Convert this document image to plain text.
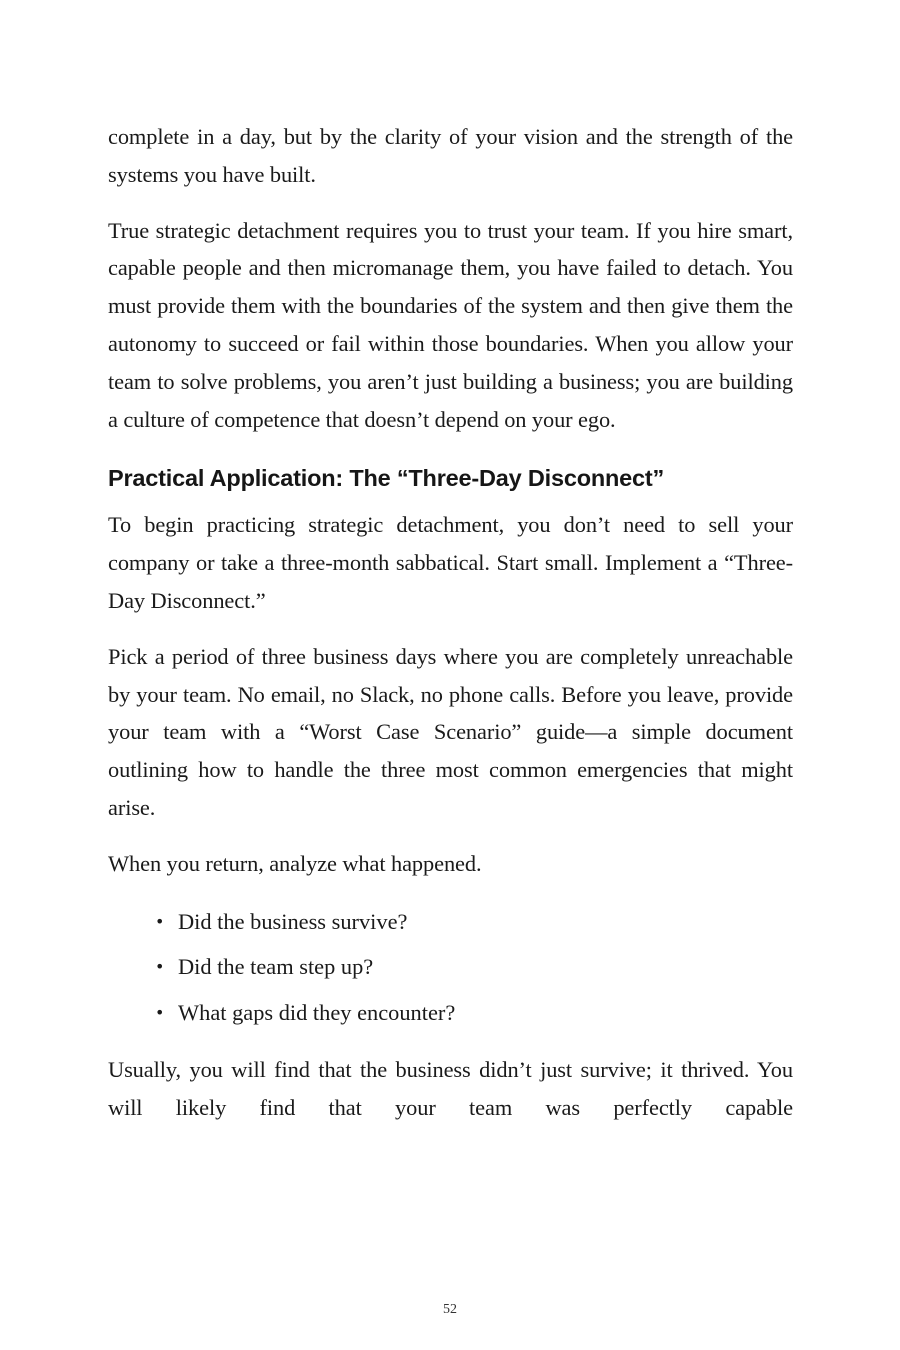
complete in a day, but by the clarity of your vision and the strength of the systems you have built.

True strategic detachment requires you to trust your team. If you hire smart, capable people and then micromanage them, you have failed to detach. You must provide them with the boundaries of the system and then give them the autonomy to succeed or fail within those boundaries. When you allow your team to solve problems, you aren’t just building a business; you are building a culture of competence that doesn’t depend on your ego.

Practical Application: The “Three-Day Disconnect”

To begin practicing strategic detachment, you don’t need to sell your company or take a three-month sabbatical. Start small. Implement a “Three-Day Disconnect.”

Pick a period of three business days where you are completely unreachable by your team. No email, no Slack, no phone calls. Before you leave, provide your team with a “Worst Case Scenario” guide—a simple document outlining how to handle the three most common emergencies that might arise.

When you return, analyze what happened.

• Did the business survive?
• Did the team step up?
• What gaps did they encounter?

Usually, you will find that the business didn’t just survive; it thrived. You will likely find that your team was perfectly capable

52
